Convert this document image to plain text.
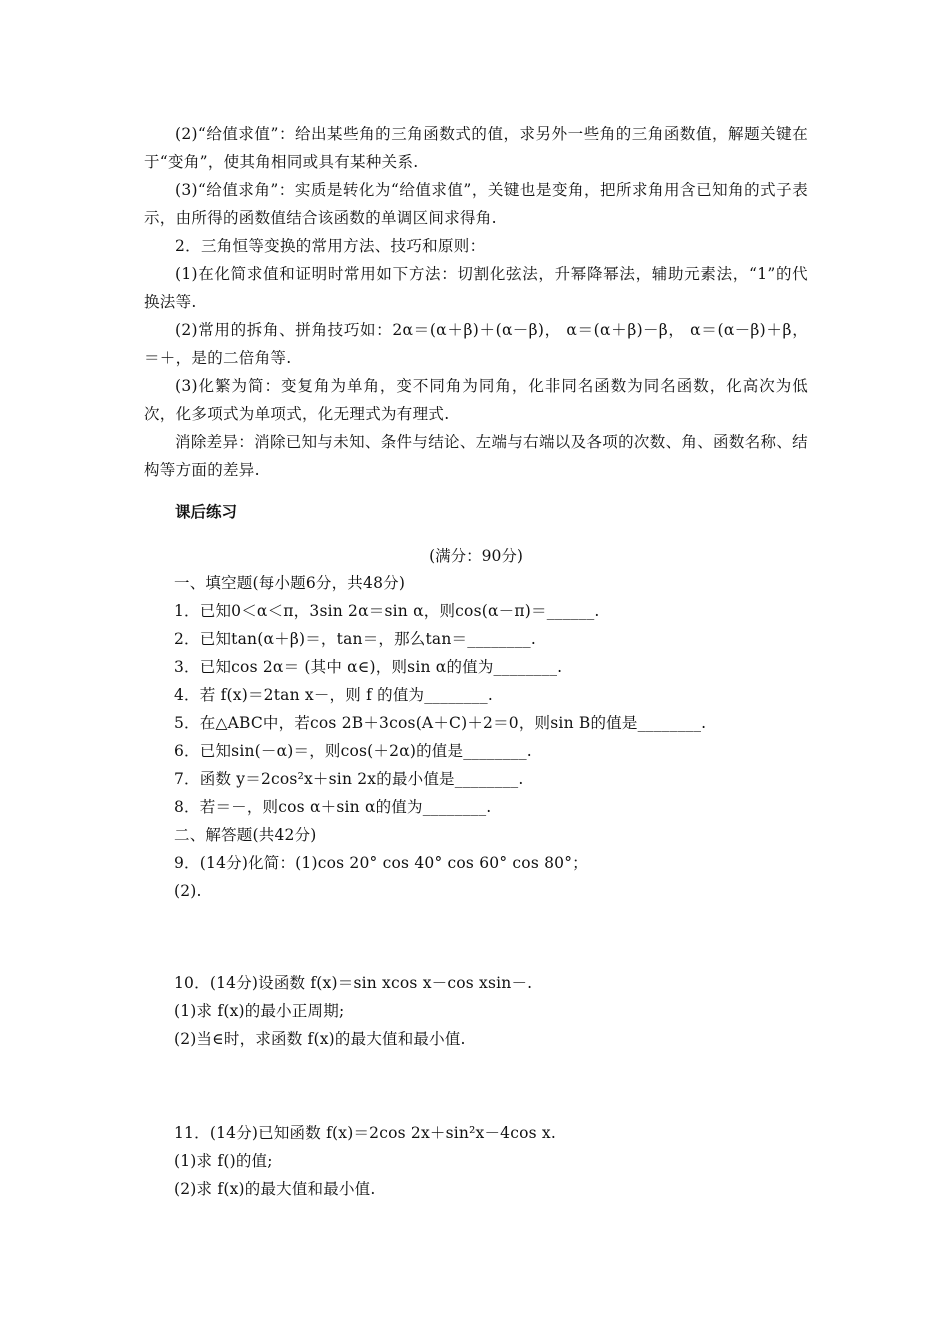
(2)“给值求值”：给出某些角的三角函数式的值，求另外一些角的三角函数值，解题关键在于“变角”，使其角相同或具有某种关系.

(3)“给值求角”：实质是转化为“给值求值”，关键也是变角，把所求角用含已知角的式子表示，由所得的函数值结合该函数的单调区间求得角.

2．三角恒等变换的常用方法、技巧和原则：

(1)在化简求值和证明时常用如下方法：切割化弦法，升幂降幂法，辅助元素法，“1”的代换法等.

(2)常用的拆角、拼角技巧如：2α＝(α＋β)＋(α－β)， α＝(α＋β)－β， α＝(α－β)＋β，＝＋，是的二倍角等.

(3)化繁为简：变复角为单角，变不同角为同角，化非同名函数为同名函数，化高次为低次，化多项式为单项式，化无理式为有理式.

消除差异：消除已知与未知、条件与结论、左端与右端以及各项的次数、角、函数名称、结构等方面的差异.

课后练习
(满分：90分)
一、填空题(每小题6分，共48分)
1．已知0＜α＜π，3sin 2α＝sin α，则cos(α－π)＝______.
2．已知tan(α＋β)＝，tan＝，那么tan＝________.
3．已知cos 2α＝ (其中 α∈)，则sin α的值为________.
4．若 f(x)＝2tan x－，则 f 的值为________.
5．在△ABC中，若cos 2B＋3cos(A＋C)＋2＝0，则sin B的值是________.
6．已知sin(－α)＝，则cos(＋2α)的值是________.
7．函数 y＝2cos²x＋sin 2x的最小值是________.
8．若＝－，则cos α＋sin α的值为________.
二、解答题(共42分)
9．(14分)化简：(1)cos 20° cos 40° cos 60° cos 80°；
(2).
10．(14分)设函数 f(x)＝sin xcos x－cos xsin－.
(1)求 f(x)的最小正周期;
(2)当∈时，求函数 f(x)的最大值和最小值.
11．(14分)已知函数 f(x)＝2cos 2x＋sin²x－4cos x.
(1)求 f()的值;
(2)求 f(x)的最大值和最小值.
